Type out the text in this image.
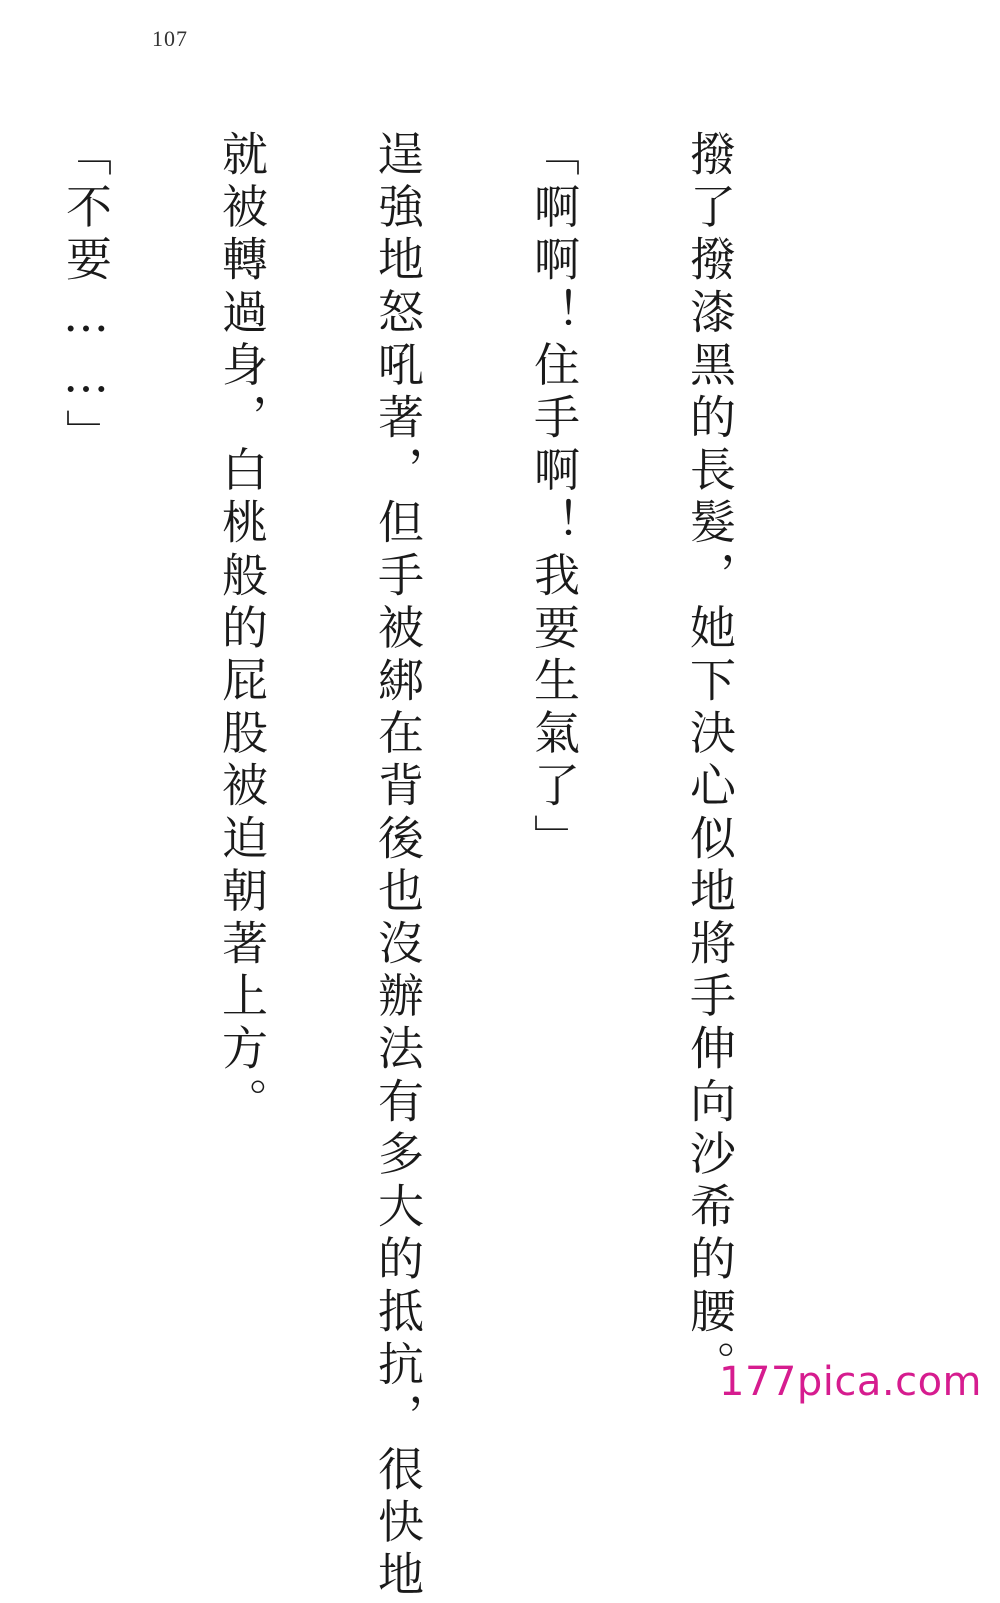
107

撥了撥漆黑的長髮，她下決心似地將手伸向沙希的腰。

「啊啊！住手啊！我要生氣了」

逞強地怒吼著，但手被綁在背後也沒辦法有多大的抵抗，很快地

就被轉過身，白桃般的屁股被迫朝著上方。

「不要……」

177pica.com
